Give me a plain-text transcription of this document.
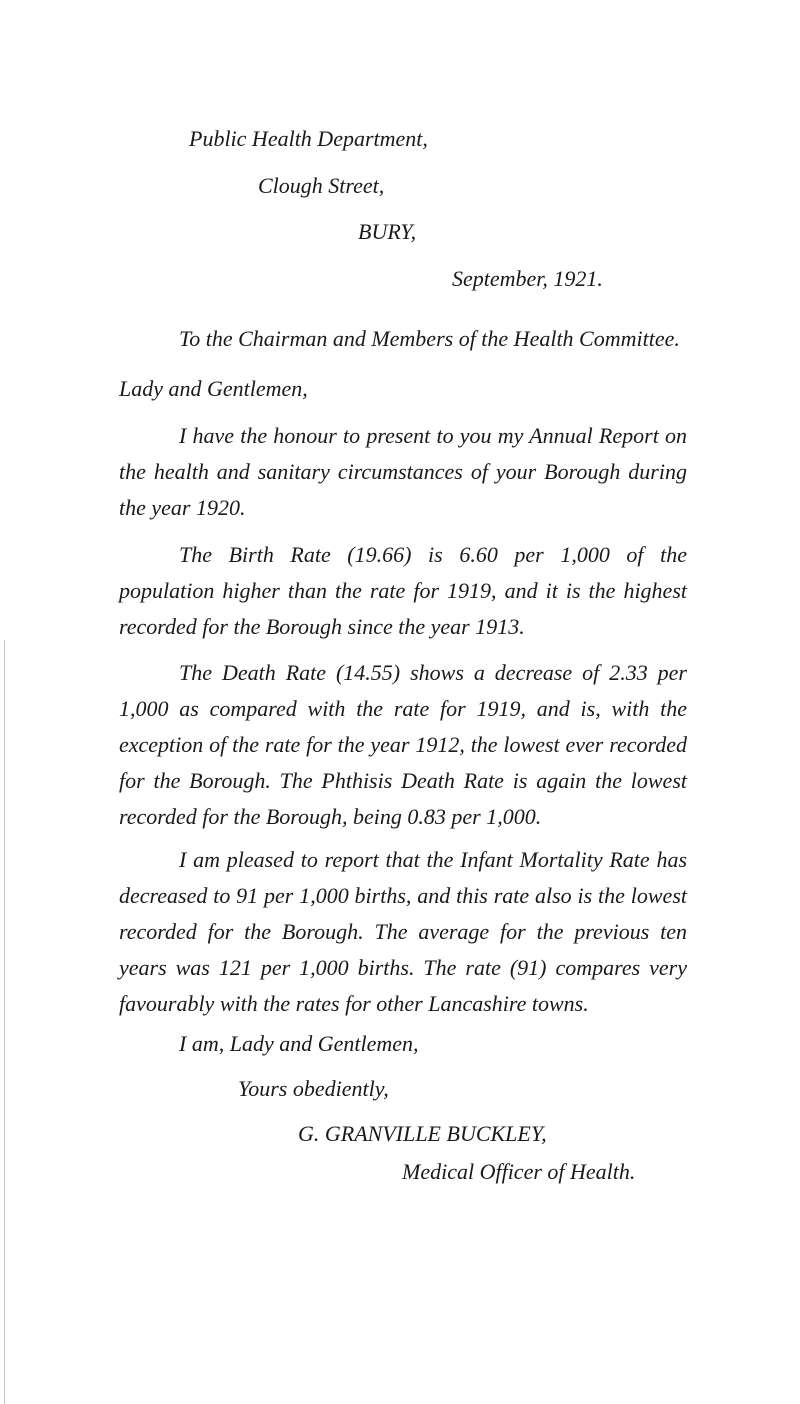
Public Health Department,
Clough Street,
BURY,
September, 1921.
To the Chairman and Members of the Health Committee.
Lady and Gentlemen,
I have the honour to present to you my Annual Report on the health and sanitary circumstances of your Borough during the year 1920.
The Birth Rate (19.66) is 6.60 per 1,000 of the population higher than the rate for 1919, and it is the highest recorded for the Borough since the year 1913.
The Death Rate (14.55) shows a decrease of 2.33 per 1,000 as compared with the rate for 1919, and is, with the exception of the rate for the year 1912, the lowest ever recorded for the Borough. The Phthisis Death Rate is again the lowest recorded for the Borough, being 0.83 per 1,000.
I am pleased to report that the Infant Mortality Rate has decreased to 91 per 1,000 births, and this rate also is the lowest recorded for the Borough. The average for the previous ten years was 121 per 1,000 births. The rate (91) compares very favourably with the rates for other Lancashire towns.
I am, Lady and Gentlemen,
Yours obediently,
G. GRANVILLE BUCKLEY,
Medical Officer of Health.
